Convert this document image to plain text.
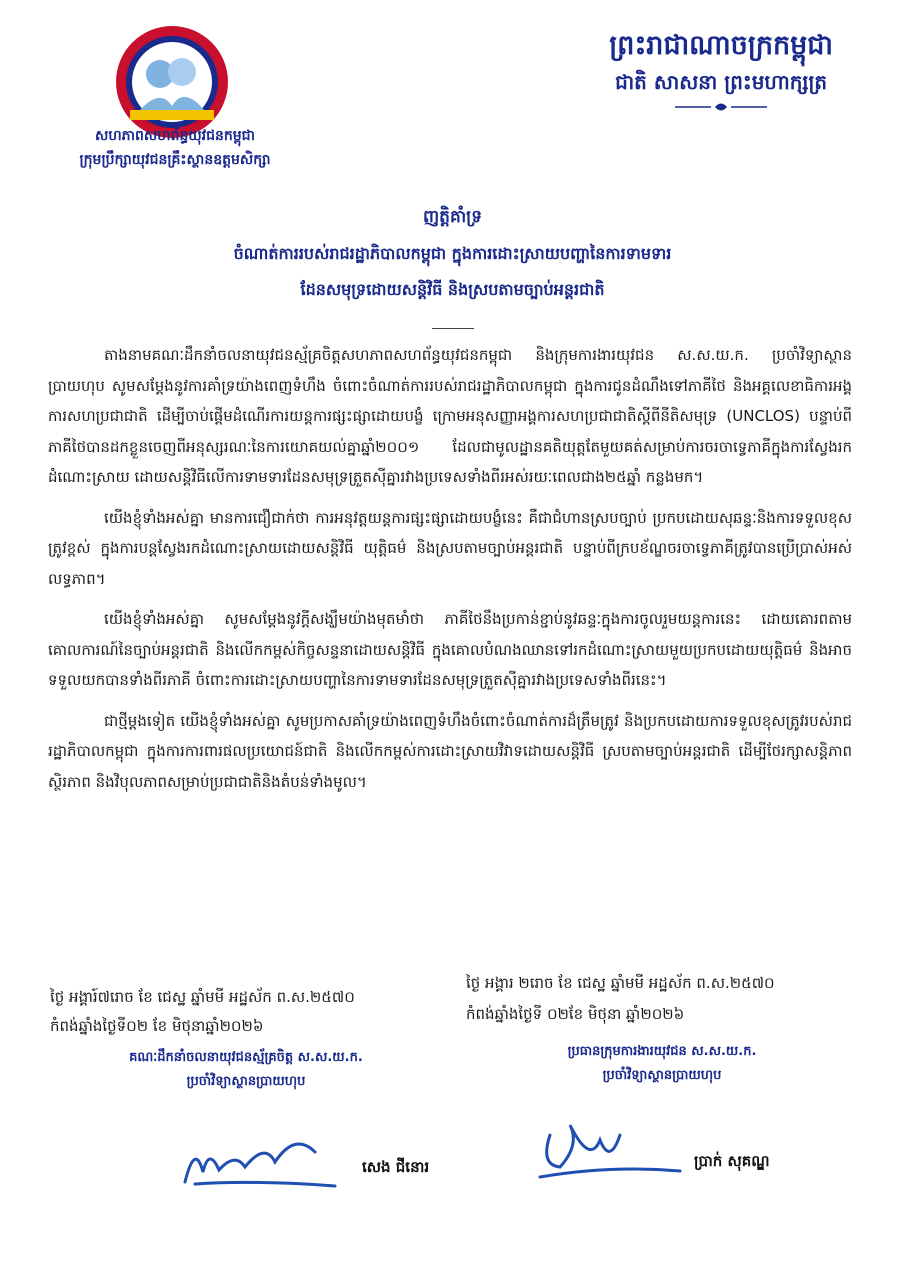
សហភាពសហព័ន្ធយុវជនកម្ពុជា
ក្រុមប្រឹក្សាយុវជនគ្រឹះស្ថានឧត្តមសិក្សា
ព្រះរាជាណាចក្រកម្ពុជា
ជាតិ សាសនា ព្រះមហាក្សត្រ
ញត្តិគាំទ្រ
ចំណាត់ការរបស់រាជរដ្ឋាភិបាលកម្ពុជា ក្នុងការដោះស្រាយបញ្ហានៃការទាមទារ
ដែនសមុទ្រដោយសន្តិវិធី និងស្របតាមច្បាប់អន្តរជាតិ

តាងនាមគណៈដឹកនាំចលនាយុវជនស្ម័គ្រចិត្តសហភាពសហព័ន្ធយុវជនកម្ពុជា និងក្រុមការងារយុវជន ស.ស.យ.ក. ប្រចាំវិទ្យាស្ថានប្រាយហុប សូមសម្ដែងនូវការគាំទ្រយ៉ាងពេញទំហឹង ចំពោះចំណាត់ការរបស់រាជរដ្ឋាភិបាលកម្ពុជា ក្នុងការជូនដំណឹងទៅភាគីថៃ និងអគ្គលេខាធិការអង្គការសហប្រជាជាតិ ដើម្បីចាប់ផ្ដើមដំណើរការយន្តការផ្សះផ្សាដោយបង្ខំ ក្រោមអនុសញ្ញាអង្គការសហប្រជាជាតិស្ដីពីនីតិសមុទ្រ (UNCLOS) បន្ទាប់ពីភាគីថៃបានដកខ្លួនចេញពីអនុស្សរណៈនៃការយោគយល់គ្នាឆ្នាំ២០០១ ដែលជាមូលដ្ឋានគតិយុត្តតែមួយគត់សម្រាប់ការចរចាទ្វេភាគីក្នុងការស្វែងរកដំណោះស្រាយ ដោយសន្តិវិធីលើការទាមទារដែនសមុទ្រត្រួតស៊ីគ្នារវាងប្រទេសទាំងពីរអស់រយៈពេលជាង២៥ឆ្នាំ កន្លងមក។

យើងខ្ញុំទាំងអស់គ្នា មានការជឿជាក់ថា ការអនុវត្តយន្តការផ្សះផ្សាដោយបង្ខំនេះ គឺជាជំហានស្របច្បាប់ ប្រកបដោយសុឆន្ទៈនិងការទទួលខុសត្រូវខ្ពស់ ក្នុងការបន្តស្វែងរកដំណោះស្រាយដោយសន្តិវិធី យុត្តិធម៌ និងស្របតាមច្បាប់អន្តរជាតិ បន្ទាប់ពីក្របខ័ណ្ឌចរចាទ្វេភាគីត្រូវបានប្រើប្រាស់អស់លទ្ធភាព។

យើងខ្ញុំទាំងអស់គ្នា សូមសម្ដែងនូវក្ដីសង្ឃឹមយ៉ាងមុតមាំថា ភាគីថៃនឹងប្រកាន់ខ្ជាប់នូវឆន្ទៈក្នុងការចូលរួមយន្តការនេះ ដោយគោរពតាមគោលការណ៍នៃច្បាប់អន្តរជាតិ និងលើកកម្ពស់កិច្ចសន្ទនាដោយសន្តិវិធី ក្នុងគោលបំណងឈានទៅរកដំណោះស្រាយមួយប្រកបដោយយុត្តិធម៌ និងអាចទទួលយកបានទាំងពីរភាគី ចំពោះការដោះស្រាយបញ្ហានៃការទាមទារដែនសមុទ្រត្រួតស៊ីគ្នារវាងប្រទេសទាំងពីរនេះ។

ជាថ្មីម្ដងទៀត យើងខ្ញុំទាំងអស់គ្នា សូមប្រកាសគាំទ្រយ៉ាងពេញទំហឹងចំពោះចំណាត់ការដ៏ត្រឹមត្រូវ និងប្រកបដោយការទទួលខុសត្រូវរបស់រាជរដ្ឋាភិបាលកម្ពុជា ក្នុងការការពារផលប្រយោជន៍ជាតិ និងលើកកម្ពស់ការដោះស្រាយវិវាទដោយសន្តិវិធី ស្របតាមច្បាប់អន្តរជាតិ ដើម្បីថែរក្សាសន្តិភាព ស្ថិរភាព និងវិបុលភាពសម្រាប់ប្រជាជាតិនិងតំបន់ទាំងមូល។

ថ្ងៃ អង្គារ៍៧រោច ខែ ជេស្ឋ ឆ្នាំមមី អដ្ឋស័ក ព.ស.២៥៧០
កំពង់ឆ្នាំងថ្ងៃទី០២ ខែ មិថុនាឆ្នាំ២០២៦
ថ្ងៃ អង្គារ ២រោច ខែ ជេស្ឋ ឆ្នាំមមី អដ្ឋស័ក ព.ស.២៥៧០
កំពង់ឆ្នាំងថ្ងៃទី ០២ខែ មិថុនា ឆ្នាំ២០២៦
គណៈដឹកនាំចលនាយុវជនស្ម័គ្រចិត្ត ស.ស.យ.ក.
ប្រចាំវិទ្យាស្ថានប្រាយហុប
ប្រធានក្រុមការងារយុវជន ស.ស.យ.ក.
ប្រចាំវិទ្យាស្ថានប្រាយហុប
សេង ជីនោរ	ប្រាក់ សុគណ្ឌ
